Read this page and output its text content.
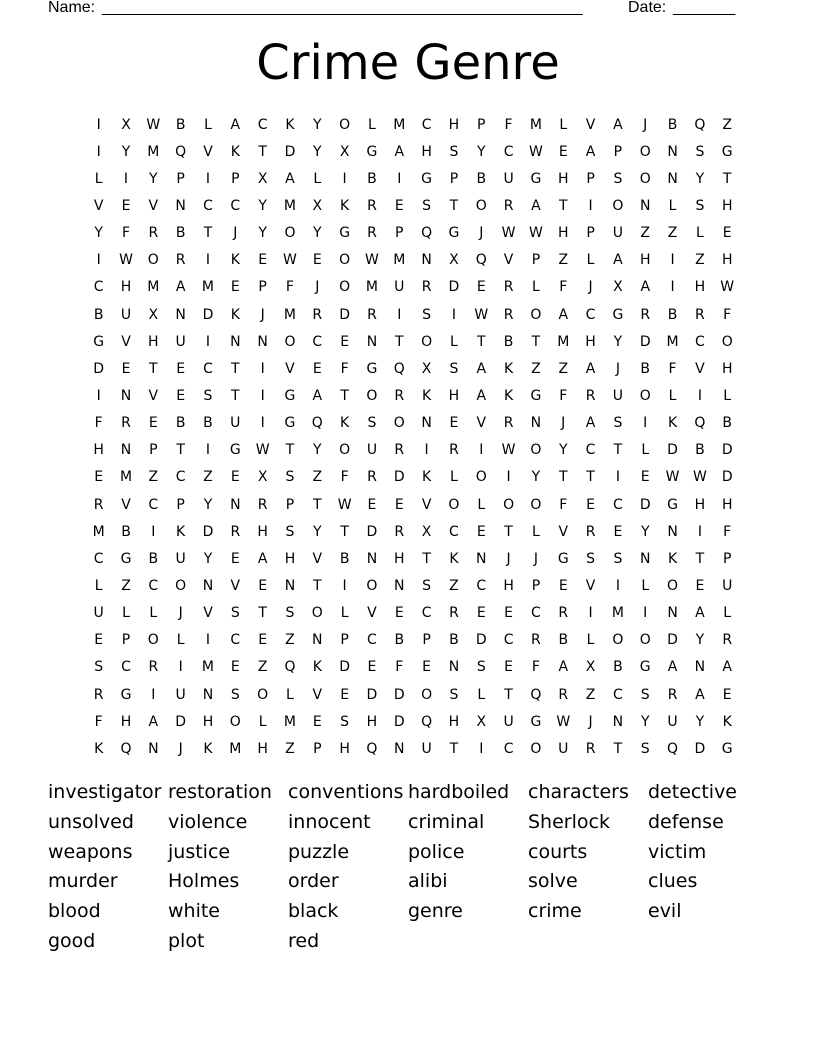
Name: ______________________________________________________	Date: _______
Crime Genre
I	X	W	B	L	A	C	K	Y	O	L	M	C	H	P	F	M	L	V	A	J	B	Q	Z
I	Y	M	Q	V	K	T	D	Y	X	G	A	H	S	Y	C	W	E	A	P	O	N	S	G
L	I	Y	P	I	P	X	A	L	I	B	I	G	P	B	U	G	H	P	S	O	N	Y	T
V	E	V	N	C	C	Y	M	X	K	R	E	S	T	O	R	A	T	I	O	N	L	S	H
Y	F	R	B	T	J	Y	O	Y	G	R	P	Q	G	J	W W	H	P	U	Z	Z	L	E
I	W	O	R	I	K	E	W	E	O	W	M	N	X	Q	V	P	Z	L	A	H	I	Z	H
C	H	M	A	M	E	P	F	J	O	M	U	R	D	E	R	L	F	J	X	A	I	H	W
B	U	X	N	D	K	J	M	R	D	R	I	S	I	W	R	O	A	C	G	R	B	R	F
G	V	H	U	I	N	N	O	C	E	N	T	O	L	T	B	T	M	H	Y	D	M	C	O
D	E	T	E	C	T	I	V	E	F	G	Q	X	S	A	K	Z	Z	A	J	B	F	V	H
I	N	V	E	S	T	I	G	A	T	O	R	K	H	A	K	G	F	R	U	O	L	I	L
F	R	E	B	B	U	I	G	Q	K	S	O	N	E	V	R	N	J	A	S	I	K	Q	B
H	N	P	T	I	G	W	T	Y	O	U	R	I	R	I	W	O	Y	C	T	L	D	B	D
E	M	Z	C	Z	E	X	S	Z	F	R	D	K	L	O	I	Y	T	T	I	E	W W	D
R	V	C	P	Y	N	R	P	T	W	E	E	V	O	L	O	O	F	E	C	D	G	H	H
M	B	I	K	D	R	H	S	Y	T	D	R	X	C	E	T	L	V	R	E	Y	N	I	F
C	G	B	U	Y	E	A	H	V	B	N	H	T	K	N	J	J	G	S	S	N	K	T	P
L	Z	C	O	N	V	E	N	T	I	O	N	S	Z	C	H	P	E	V	I	L	O	E	U
U	L	L	J	V	S	T	S	O	L	V	E	C	R	E	E	C	R	I	M	I	N	A	L
E	P	O	L	I	C	E	Z	N	P	C	B	P	B	D	C	R	B	L	O	O	D	Y	R
S	C	R	I	M	E	Z	Q	K	D	E	F	E	N	S	E	F	A	X	B	G	A	N	A
R	G	I	U	N	S	O	L	V	E	D	D	O	S	L	T	Q	R	Z	C	S	R	A	E
F	H	A	D	H	O	L	M	E	S	H	D	Q	H	X	U	G	W	J	N	Y	U	Y	K
K	Q	N	J	K	M	H	Z	P	H	Q	N	U	T	I	C	O	U	R	T	S	Q	D	G
investigator restoration conventions hardboiled characters	detective
unsolved	violence	innocent	criminal	Sherlock	defense
weapons	justice	puzzle	police	courts	victim
murder	Holmes	order	alibi	solve	clues
blood	white	black	genre	crime	evil
good	plot	red
